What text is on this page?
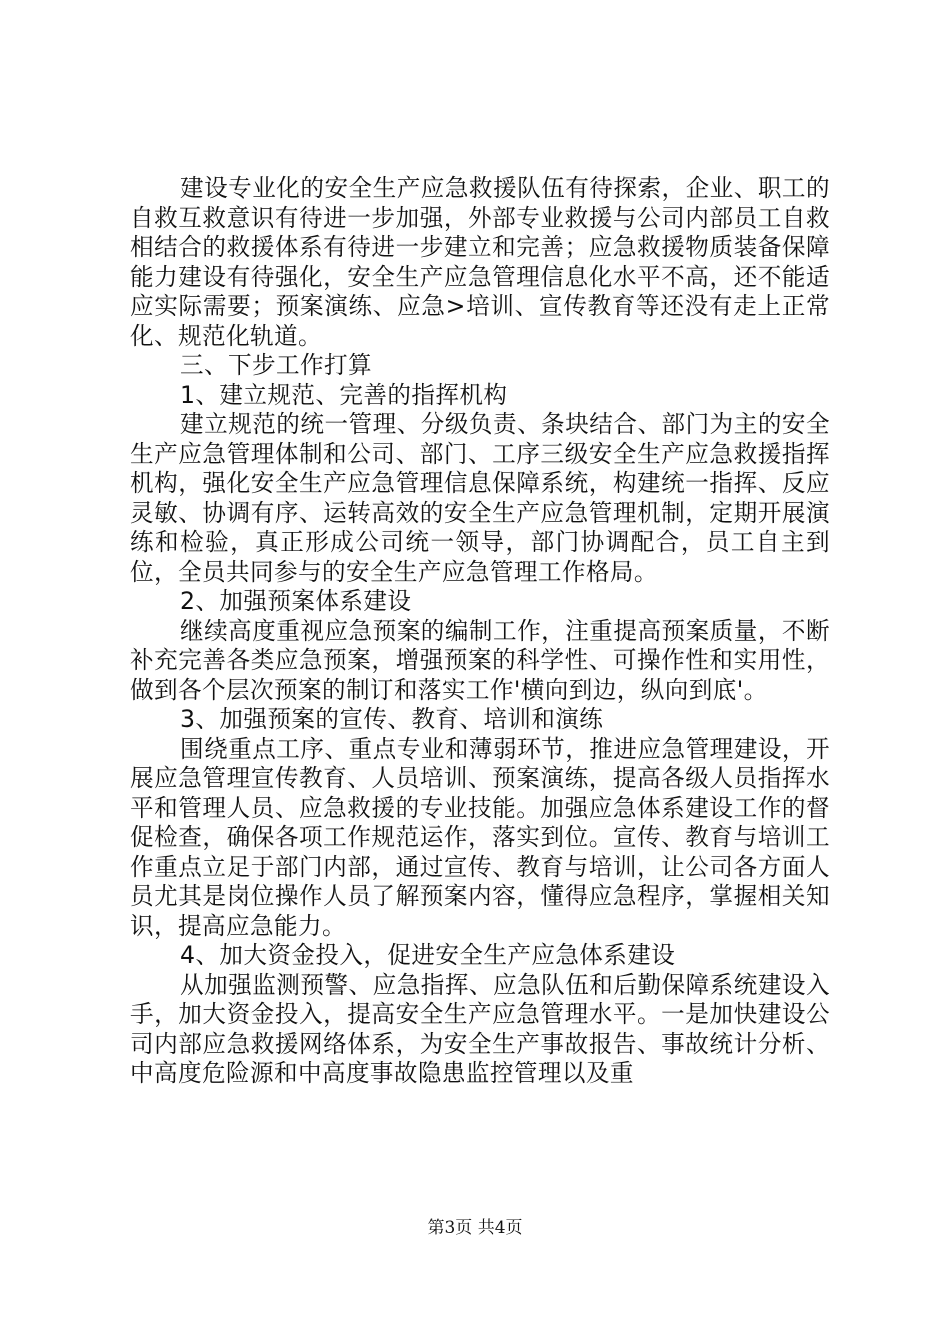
建设专业化的安全生产应急救援队伍有待探索，企业、职工的自救互救意识有待进一步加强，外部专业救援与公司内部员工自救相结合的救援体系有待进一步建立和完善；应急救援物质装备保障能力建设有待强化，安全生产应急管理信息化水平不高，还不能适应实际需要；预案演练、应急>培训、宣传教育等还没有走上正常化、规范化轨道。

三、下步工作打算

1、建立规范、完善的指挥机构

建立规范的统一管理、分级负责、条块结合、部门为主的安全生产应急管理体制和公司、部门、工序三级安全生产应急救援指挥机构，强化安全生产应急管理信息保障系统，构建统一指挥、反应灵敏、协调有序、运转高效的安全生产应急管理机制，定期开展演练和检验，真正形成公司统一领导，部门协调配合，员工自主到位，全员共同参与的安全生产应急管理工作格局。

2、加强预案体系建设

继续高度重视应急预案的编制工作，注重提高预案质量，不断补充完善各类应急预案，增强预案的科学性、可操作性和实用性，做到各个层次预案的制订和落实工作'横向到边，纵向到底'。

3、加强预案的宣传、教育、培训和演练

围绕重点工序、重点专业和薄弱环节，推进应急管理建设，开展应急管理宣传教育、人员培训、预案演练，提高各级人员指挥水平和管理人员、应急救援的专业技能。加强应急体系建设工作的督促检查，确保各项工作规范运作，落实到位。宣传、教育与培训工作重点立足于部门内部，通过宣传、教育与培训，让公司各方面人员尤其是岗位操作人员了解预案内容，懂得应急程序，掌握相关知识，提高应急能力。

4、加大资金投入，促进安全生产应急体系建设

从加强监测预警、应急指挥、应急队伍和后勤保障系统建设入手，加大资金投入，提高安全生产应急管理水平。一是加快建设公司内部应急救援网络体系，为安全生产事故报告、事故统计分析、中高度危险源和中高度事故隐患监控管理以及重

第3页 共4页
